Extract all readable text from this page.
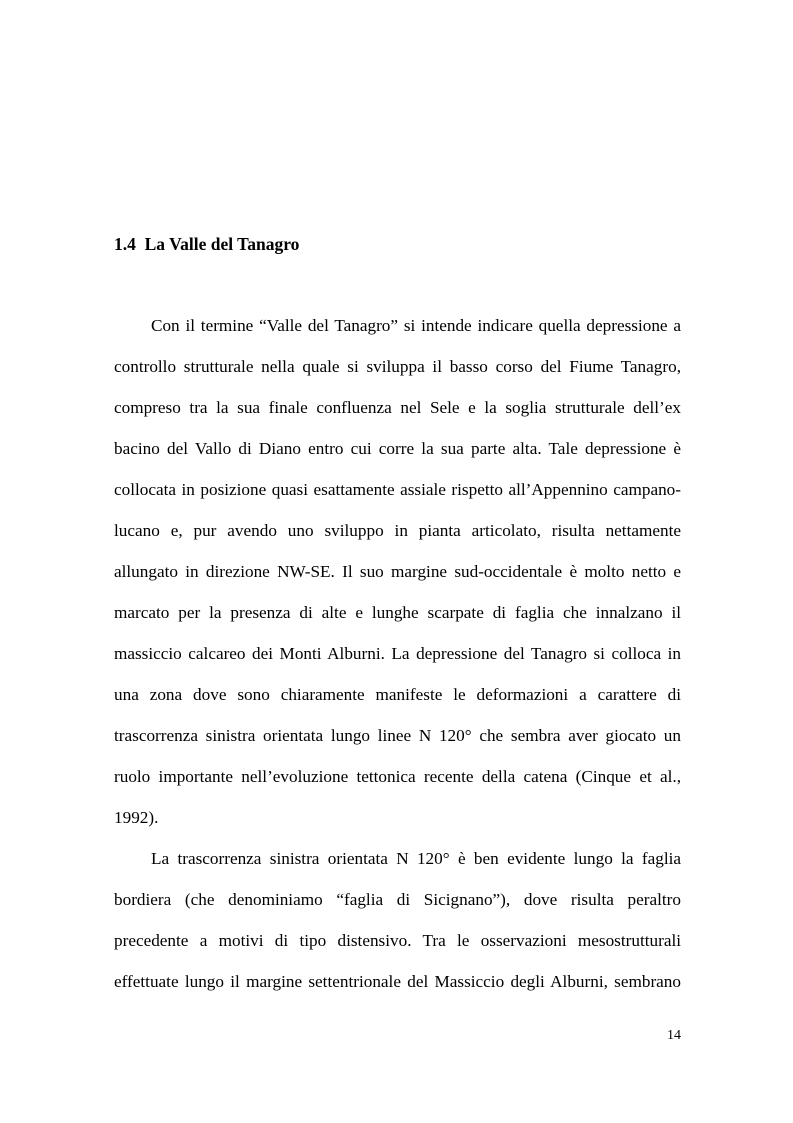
1.4  La Valle del Tanagro

Con il termine “Valle del Tanagro” si intende indicare quella depressione a

controllo strutturale nella quale si sviluppa il basso corso del Fiume Tanagro,

compreso tra la sua finale confluenza nel Sele e la soglia strutturale dell’ex

bacino del Vallo di Diano entro cui corre la sua parte alta. Tale depressione è

collocata in posizione quasi esattamente assiale rispetto all’Appennino campano-

lucano e, pur avendo uno sviluppo in pianta articolato, risulta nettamente

allungato in direzione NW-SE. Il suo margine sud-occidentale è molto netto e

marcato per la presenza di alte e lunghe scarpate di faglia che innalzano il

massiccio calcareo dei Monti Alburni. La depressione del Tanagro si colloca in

una zona dove sono chiaramente manifeste le deformazioni a carattere di

trascorrenza sinistra orientata lungo linee N 120° che sembra aver giocato un

ruolo importante nell’evoluzione tettonica recente della catena (Cinque et al.,

1992).

La trascorrenza sinistra orientata N 120° è ben evidente lungo la faglia

bordiera (che denominiamo “faglia di Sicignano”), dove risulta peraltro

precedente a motivi di tipo distensivo. Tra le osservazioni mesostrutturali

effettuate lungo il margine settentrionale del Massiccio degli Alburni, sembrano

14
